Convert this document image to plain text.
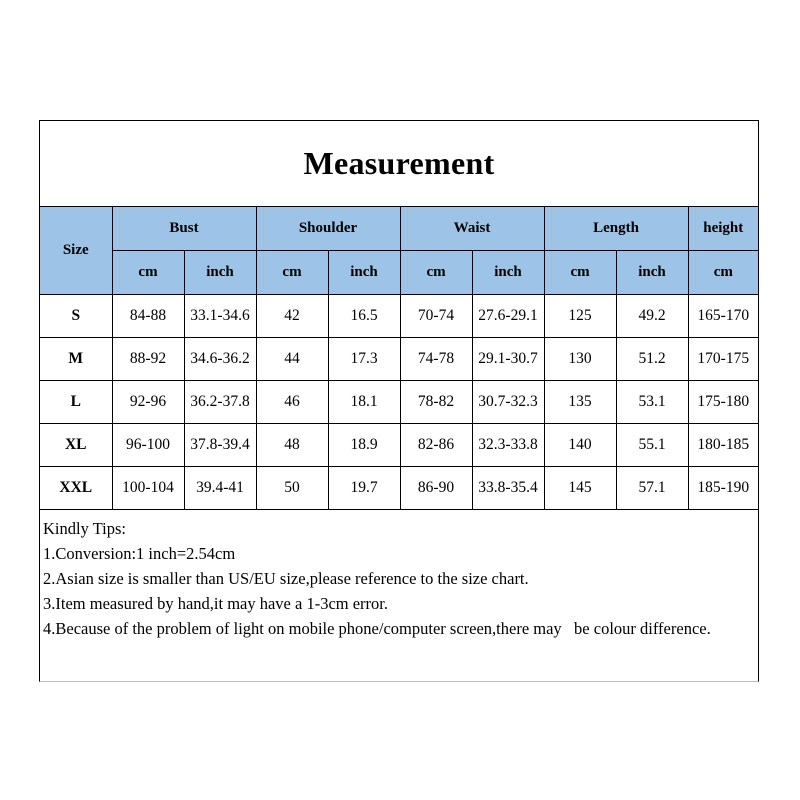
Measurement
Size	Bust		Shoulder		Waist		Length		height
	cm	inch	cm	inch	cm	inch	cm	inch	cm
S	84-88	33.1-34.6	42	16.5	70-74	27.6-29.1	125	49.2	165-170
M	88-92	34.6-36.2	44	17.3	74-78	29.1-30.7	130	51.2	170-175
L	92-96	36.2-37.8	46	18.1	78-82	30.7-32.3	135	53.1	175-180
XL	96-100	37.8-39.4	48	18.9	82-86	32.3-33.8	140	55.1	180-185
XXL	100-104	39.4-41	50	19.7	86-90	33.8-35.4	145	57.1	185-190

Kindly Tips:

1.Conversion:1 inch=2.54cm

2.Asian size is smaller than US/EU size,please reference to the size chart.

3.Item measured by hand,it may have a 1-3cm error.

4.Because of the problem of light on mobile phone/computer screen,there may   be colour difference.
